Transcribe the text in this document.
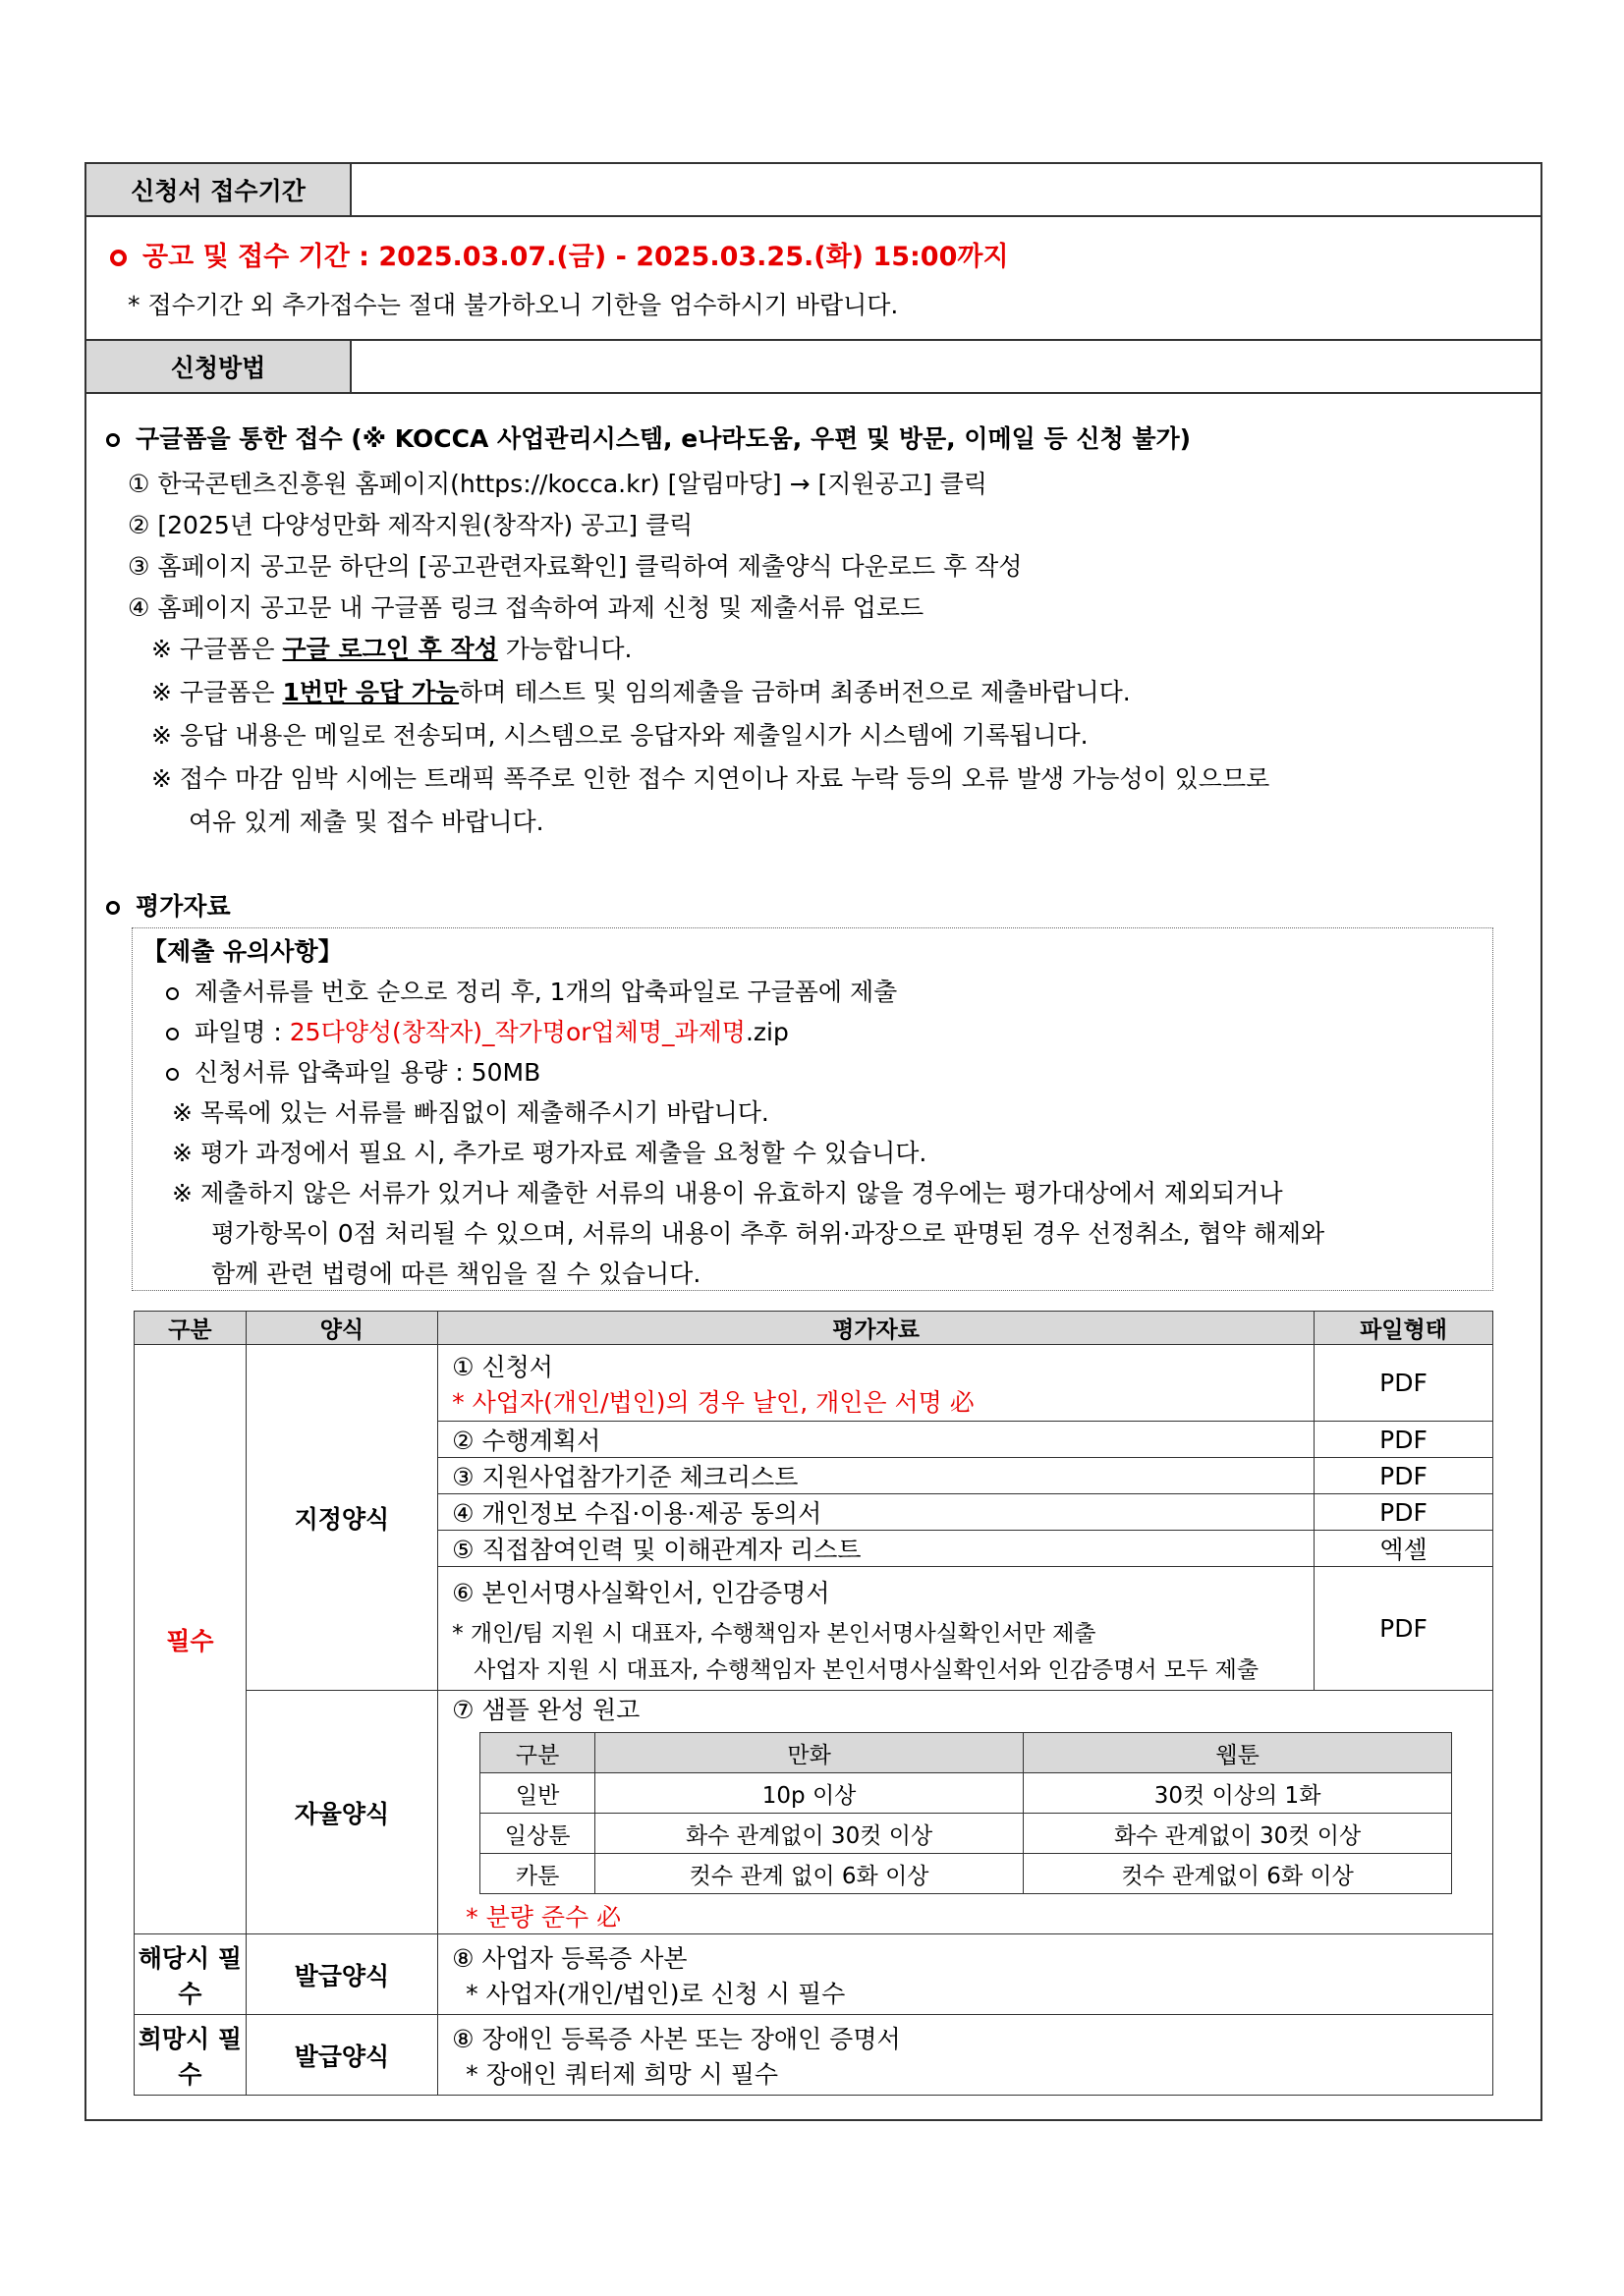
신청서 접수기간
공고 및 접수 기간 : 2025.03.07.(금) - 2025.03.25.(화) 15:00까지
* 접수기간 외 추가접수는 절대 불가하오니 기한을 엄수하시기 바랍니다.
신청방법
구글폼을 통한 접수 (※ KOCCA 사업관리시스템, e나라도움, 우편 및 방문, 이메일 등 신청 불가)
① 한국콘텐츠진흥원 홈페이지(https://kocca.kr) [알림마당] → [지원공고] 클릭
② [2025년 다양성만화 제작지원(창작자) 공고] 클릭
③ 홈페이지 공고문 하단의 [공고관련자료확인] 클릭하여 제출양식 다운로드 후 작성
④ 홈페이지 공고문 내 구글폼 링크 접속하여 과제 신청 및 제출서류 업로드
※ 구글폼은 구글 로그인 후 작성 가능합니다.
※ 구글폼은 1번만 응답 가능하며 테스트 및 임의제출을 금하며 최종버전으로 제출바랍니다.
※ 응답 내용은 메일로 전송되며, 시스템으로 응답자와 제출일시가 시스템에 기록됩니다.
※ 접수 마감 임박 시에는 트래픽 폭주로 인한 접수 지연이나 자료 누락 등의 오류 발생 가능성이 있으므로
여유 있게 제출 및 접수 바랍니다.
평가자료
【제출 유의사항】
제출서류를 번호 순으로 정리 후, 1개의 압축파일로 구글폼에 제출
파일명 : 25다양성(창작자)_작가명or업체명_과제명.zip
신청서류 압축파일 용량 : 50MB
※ 목록에 있는 서류를 빠짐없이 제출해주시기 바랍니다.
※ 평가 과정에서 필요 시, 추가로 평가자료 제출을 요청할 수 있습니다.
※ 제출하지 않은 서류가 있거나 제출한 서류의 내용이 유효하지 않을 경우에는 평가대상에서 제외되거나
평가항목이 0점 처리될 수 있으며, 서류의 내용이 추후 허위·과장으로 판명된 경우 선정취소, 협약 해제와
함께 관련 법령에 따른 책임을 질 수 있습니다.
구분	양식	평가자료	파일형태
필수	지정양식	
① 신청서
* 사업자(개인/법인)의 경우 날인, 개인은 서명 必
	PDF
② 수행계획서	PDF
③ 지원사업참가기준 체크리스트	PDF
④ 개인정보 수집·이용·제공 동의서	PDF
⑤ 직접참여인력 및 이해관계자 리스트	엑셀

⑥ 본인서명사실확인서, 인감증명서
* 개인/팀 지원 시 대표자, 수행책임자 본인서명사실확인서만 제출
사업자 지원 시 대표자, 수행책임자 본인서명사실확인서와 인감증명서 모두 제출
	PDF
자율양식	
⑦ 샘플 완성 원고
구분	만화	웹툰
일반	10p 이상	30컷 이상의 1화
일상툰	화수 관계없이 30컷 이상	화수 관계없이 30컷 이상
카툰	컷수 관계 없이 6화 이상	컷수 관계없이 6화 이상
* 분량 준수 必

해당시 필수	발급양식	
⑧ 사업자 등록증 사본
* 사업자(개인/법인)로 신청 시 필수

희망시 필수	발급양식	
⑧ 장애인 등록증 사본 또는 장애인 증명서
* 장애인 쿼터제 희망 시 필수
